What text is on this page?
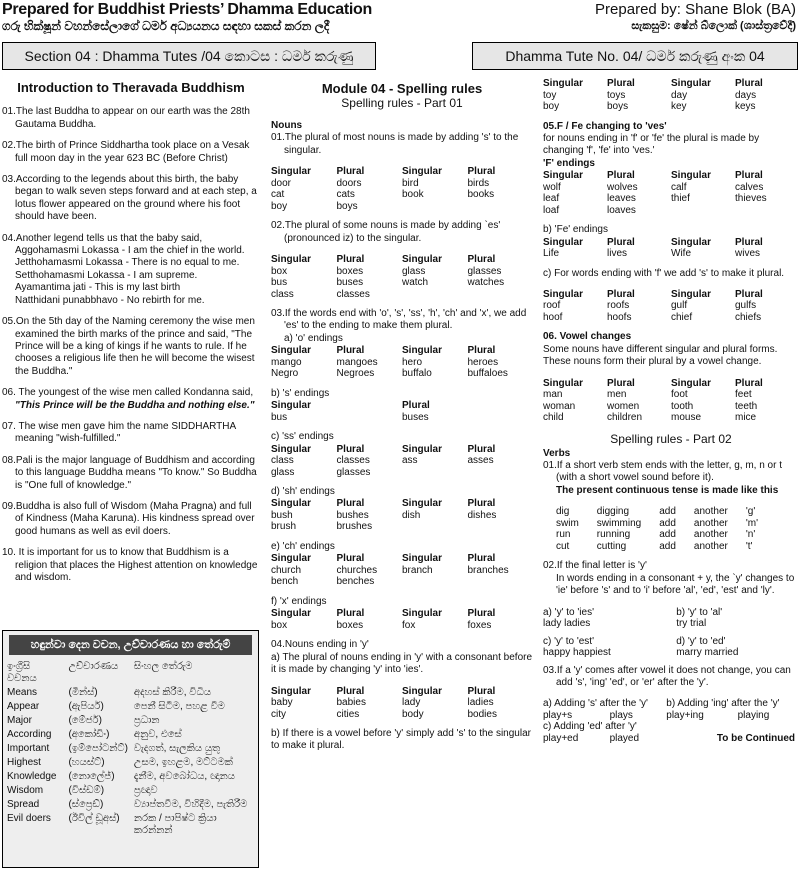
Prepared for Buddhist Priests’ Dhamma Education
ගරු භික්ෂූන් වහන්සේලාගේ ධර්ම අධ්‍යයනය සඳහා සකස් කරන ලදී
Prepared by: Shane Blok (BA)
සැකසුම: ෂේන් බ්ලොක් (ශාස්ත්‍රවේදී)
Section 04 : Dhamma Tutes /04 කොටස : ධර්ම කරුණු	Dhamma Tute No. 04/ ධර්ම කරුණු අංක 04
Introduction to Theravada Buddhism

01.The last Buddha to appear on our earth was the 28th Gautama Buddha.

02.The birth of Prince Siddhartha took place on a Vesak full moon day in the year 623 BC (Before Christ)

03.According to the legends about this birth, the baby began to walk seven steps forward and at each step, a lotus flower appeared on the ground where his foot should have been.

04.Another legend tells us that the baby said,
Aggohamasmi Lokassa - I am the chief in the world.
Jetthohamasmi Lokassa - There is no equal to me.
Setthohamasmi Lokassa - I am supreme.
Ayamantima jati - This is my last birth
Natthidani punabbhavo - No rebirth for me.

05.On the 5th day of the Naming ceremony the wise men examined the birth marks of the prince and said, "The Prince will be a king of kings if he wants to rule. If he chooses a religious life then he will become the wisest the Buddha."

06. The youngest of the wise men called Kondanna said,

"This Prince will be the Buddha and nothing else."

07. The wise men gave him the name SIDDHARTHA meaning "wish-fulfilled."

08.Pali is the major language of Buddhism and according to this language Buddha means "To know." So Buddha is "One full of knowledge."

09.Buddha is also full of Wisdom (Maha Pragna) and full of Kindness (Maha Karuna). His kindness spread over good humans as well as evil doers.

10. It is important for us to know that Buddhism is a religion that places the Highest attention on knowledge and wisdom.

හඳුන්වා දෙන වචන, උච්චාරණය හා තේරුම්
ඉංග්‍රීසි වචනය	උච්චාරණය	සිංහල තේරුම
Means	(මීන්ස්)	අදහස් කිරීම, විධිය
Appear	(ඇපියර්)	පෙනී සිටීම, පහළ වීම
Major	(මේජර්)	ප්‍රධාන
According	(අකෝඩිං)	අනුව, එසේ
Important	(ඉම්පෝටන්ට්)	වැදගත්, සැලකිය යුතු
Highest	(හයස්ට්)	උසම, ඉහළම, මට්ටමක්
Knowledge	(නොලේජ්)	දැනීම, අවබෝධය, ඥානය
Wisdom	(විස්ඩම්)	ප්‍රඥාව
Spread	(ස්ප්‍රෙඩ්)	ව්‍යාප්තවීම, විහිදීම, පැතිරීම
Evil doers	(ඊවිල් ඩූඅස්)	නරක / පාපිෂ්ට ක්‍රියා කරන්නන්
Module 04 - Spelling rules
Spelling rules - Part 01
Nouns

01.The plural of most nouns is made by adding 's' to the singular.

Singular	Plural	Singular	Plural
door	doors	bird	birds
cat	cats	book	books
boy	boys		

02.The plural of some nouns is made by adding `es' (pronounced iz) to the singular.

Singular	Plural	Singular	Plural
box	boxes	glass	glasses
bus	buses	watch	watches
class	classes		
03.If the words end with 'o', 's', 'ss', 'h', 'ch' and 'x', we add 'es' to the ending to make them plural.
a) 'o' endings
Singular	Plural	Singular	Plural
mango	mangoes	hero	heroes
Negro	Negroes	buffalo	buffaloes
b) 's' endings
Singular	Plural
bus	buses
c) 'ss' endings
Singular	Plural	Singular	Plural
class	classes	ass	asses
glass	glasses		
d) 'sh' endings
Singular	Plural	Singular	Plural
bush	bushes	dish	dishes
brush	brushes		
e) 'ch' endings
Singular	Plural	Singular	Plural
church	churches	branch	branches
bench	benches		
f) 'x' endings
Singular	Plural	Singular	Plural
box	boxes	fox	foxes
04.Nouns ending in 'y'

a) The plural of nouns ending in 'y' with a consonant before it is made by changing 'y' into 'ies'.

Singular	Plural	Singular	Plural
baby	babies	lady	ladies
city	cities	body	bodies

b) If there is a vowel before 'y' simply add 's' to the singular to make it plural.

Singular	Plural	Singular	Plural
toy	toys	day	days
boy	boys	key	keys
05.F / Fe changing to 'ves'
for nouns ending in 'f' or 'fe' the plural is made by changing 'f', 'fe' into 'ves.'
'F' endings
Singular	Plural	Singular	Plural
wolf	wolves	calf	calves
leaf	leaves	thief	thieves
loaf	loaves		
b) 'Fe' endings
Singular	Plural	Singular	Plural
Life	lives	Wife	wives

c) For words ending with 'f' we add 's' to make it plural.

Singular	Plural	Singular	Plural
roof	roofs	gulf	gulfs
hoof	hoofs	chief	chiefs
06. Vowel changes

Some nouns have different singular and plural forms. These nouns form their plural by a vowel change.

Singular	Plural	Singular	Plural
man	men	foot	feet
woman	women	tooth	teeth
child	children	mouse	mice
Spelling rules - Part 02
Verbs
01.If a short verb stem ends with the letter, g, m, n or t (with a short vowel sound before it).

The present continuous tense is made like this

dig	digging	add	another	'g'
swim	swimming	add	another	'm'
run	running	add	another	'n'
cut	cutting	add	another	't'
02.If the final letter is 'y'

In words ending in a consonant + y, the `y' changes to 'ie' before 's' and to 'i' before 'al', 'ed', 'est' and 'ly'.

a) 'y' to 'ies'	b) 'y' to 'al'
lady ladies	try trial

c) 'y' to 'est'	d) 'y' to 'ed'
happy happiest	marry married

03.If a 'y' comes after vowel it does not change, you can add 's', 'ing' 'ed', or 'er' after the 'y'.

a) Adding 's' after the 'y'		b) Adding 'ing' after the 'y'	
play+s	plays	play+ing	playing
c) Adding 'ed' after 'y'			
play+ed	played	To be Continued	
